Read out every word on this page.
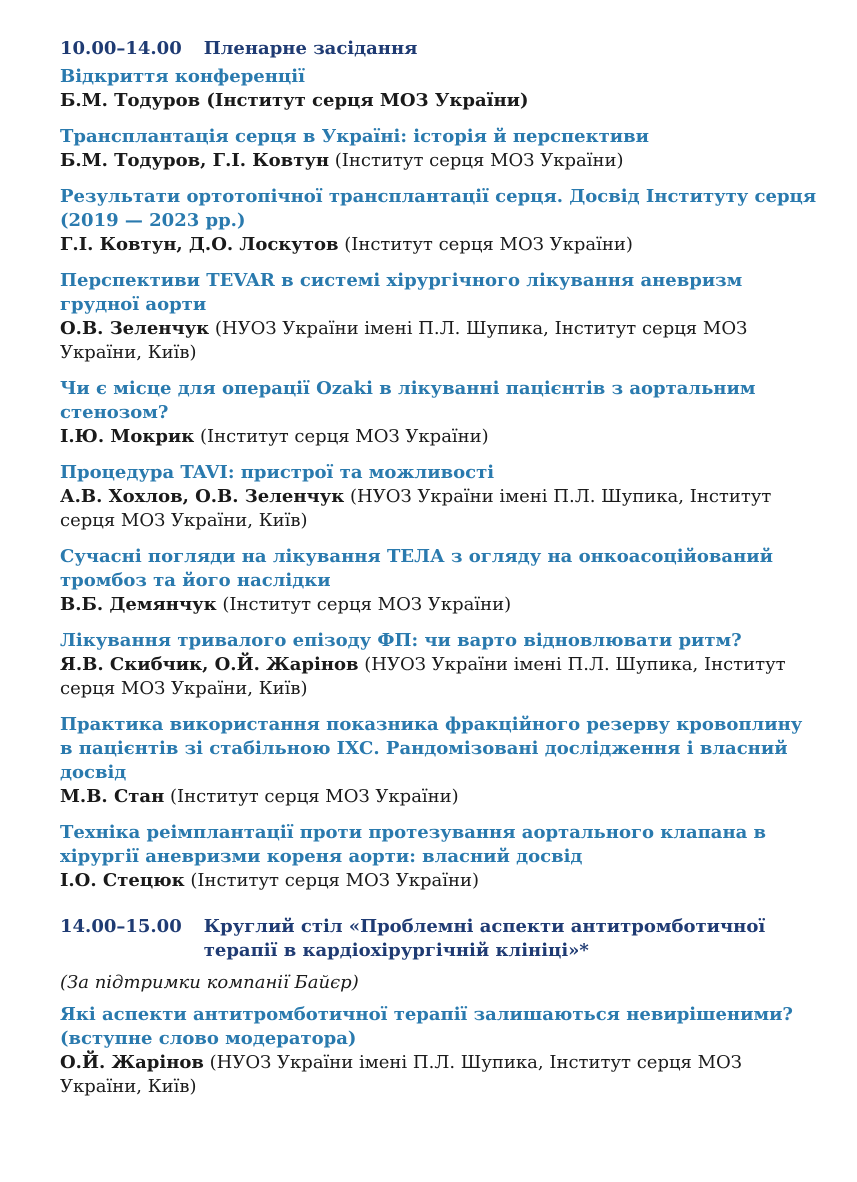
10.00–14.00 Пленарне засідання
Відкриття конференції
Б.М. Тодуров (Інститут серця МОЗ України)
Трансплантація серця в Україні: історія й перспективи
Б.М. Тодуров, Г.І. Ковтун (Інститут серця МОЗ України)
Результати ортотопічної трансплантації серця. Досвід Інституту серця (2019 — 2023 рр.)
Г.І. Ковтун, Д.О. Лоскутов (Інститут серця МОЗ України)
Перспективи TEVAR в системі хірургічного лікування аневризм грудної аорти
О.В. Зеленчук (НУОЗ України імені П.Л. Шупика, Інститут серця МОЗ України, Київ)
Чи є місце для операції Ozaki в лікуванні пацієнтів з аортальним стенозом?
І.Ю. Мокрик (Інститут серця МОЗ України)
Процедура TAVI: пристрої та можливості
А.В. Хохлов, О.В. Зеленчук (НУОЗ України імені П.Л. Шупика, Інститут серця МОЗ України, Київ)
Сучасні погляди на лікування ТЕЛА з огляду на онкоасоційований тромбоз та його наслідки
В.Б. Демянчук (Інститут серця МОЗ України)
Лікування тривалого епізоду ФП: чи варто відновлювати ритм?
Я.В. Скибчик, О.Й. Жарінов (НУОЗ України імені П.Л. Шупика, Інститут серця МОЗ України, Київ)
Практика використання показника фракційного резерву кровоплину в пацієнтів зі стабільною ІХС. Рандомізовані дослідження і власний досвід
М.В. Стан (Інститут серця МОЗ України)
Техніка реімплантації проти протезування аортального клапана в хірургії аневризми кореня аорти: власний досвід
І.О. Стецюк (Інститут серця МОЗ України)
14.00–15.00 Круглий стіл «Проблемні аспекти антитромботичної терапії в кардіохірургічній клініці»*
(За підтримки компанії Байєр)
Які аспекти антитромботичної терапії залишаються невирішеними? (вступне слово модератора)
О.Й. Жарінов (НУОЗ України імені П.Л. Шупика, Інститут серця МОЗ України, Київ)
